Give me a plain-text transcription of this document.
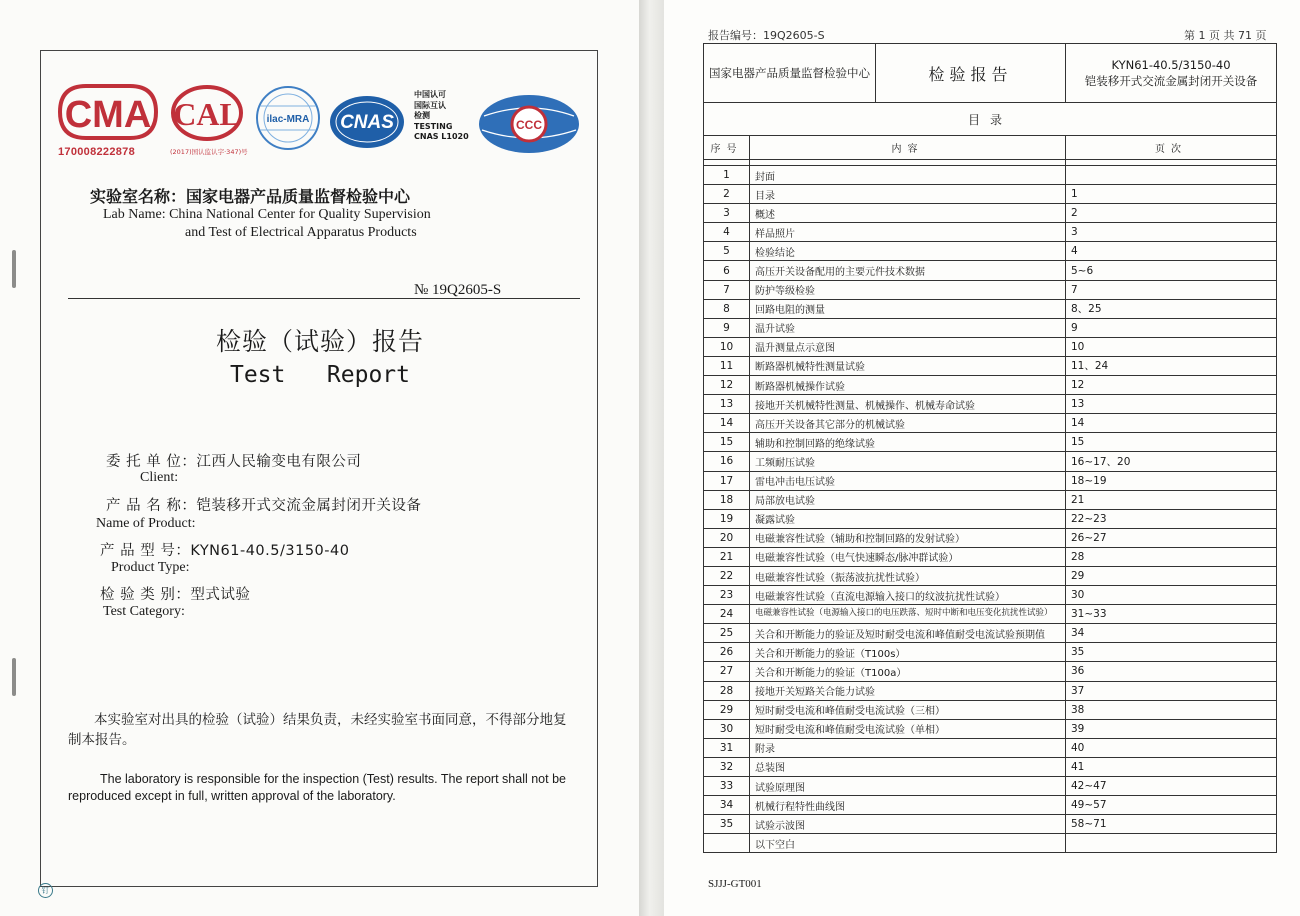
CMA
170008222878
CAL
(2017)国认监认字·347)号
ilac-MRA CNAS
中国认可
国际互认
检测
TESTING
CNAS L1020
CCC
实验室名称：国家电器产品质量监督检验中心
Lab Name: China National Center for Quality Supervision
and Test of Electrical Apparatus Products
№ 19Q2605-S
检验（试验）报告
Test   Report
委 托 单 位：江西人民输变电有限公司
Client:
产 品 名 称：铠装移开式交流金属封闭开关设备
Name of Product:
产 品 型 号：KYN61-40.5/3150-40
Product Type:
检 验 类 别：型式试验
Test Category:
本实验室对出具的检验（试验）结果负责，未经实验室书面同意，不得部分地复制本报告。
The laboratory is responsible for the inspection (Test) results. The report shall not be reproduced except in full, written approval of the laboratory.
钉
报告编号：19Q2605-S	第 1 页 共 71 页
国家电器产品质量监督检验中心		检验报告	KYN61-40.5/3150-40
铠装移开式交流金属封闭开关设备

目录			
序号	内容		页次

1	封面		
2	目录		1
3	概述		2
4	样品照片		3
5	检验结论		4
6	高压开关设备配用的主要元件技术数据		5~6
7	防护等级检验		7
8	回路电阻的测量		8、25
9	温升试验		9
10	温升测量点示意图		10
11	断路器机械特性测量试验		11、24
12	断路器机械操作试验		12
13	接地开关机械特性测量、机械操作、机械寿命试验		13
14	高压开关设备其它部分的机械试验		14
15	辅助和控制回路的绝缘试验		15
16	工频耐压试验		16~17、20
17	雷电冲击电压试验		18~19
18	局部放电试验		21
19	凝露试验		22~23
20	电磁兼容性试验（辅助和控制回路的发射试验）		26~27
21	电磁兼容性试验（电气快速瞬态/脉冲群试验）		28
22	电磁兼容性试验（振荡波抗扰性试验）		29
23	电磁兼容性试验（直流电源输入接口的纹波抗扰性试验）		30
24	电磁兼容性试验（电源输入接口的电压跌落、短时中断和电压变化抗扰性试验）		31~33
25	关合和开断能力的验证及短时耐受电流和峰值耐受电流试验预期值		34
26	关合和开断能力的验证（T100s）		35
27	关合和开断能力的验证（T100a）		36
28	接地开关短路关合能力试验		37
29	短时耐受电流和峰值耐受电流试验（三相）		38
30	短时耐受电流和峰值耐受电流试验（单相）		39
31	附录		40
32	总装图		41
33	试验原理图		42~47
34	机械行程特性曲线图		49~57
35	试验示波图		58~71
	以下空白		
SJJJ-GT001
